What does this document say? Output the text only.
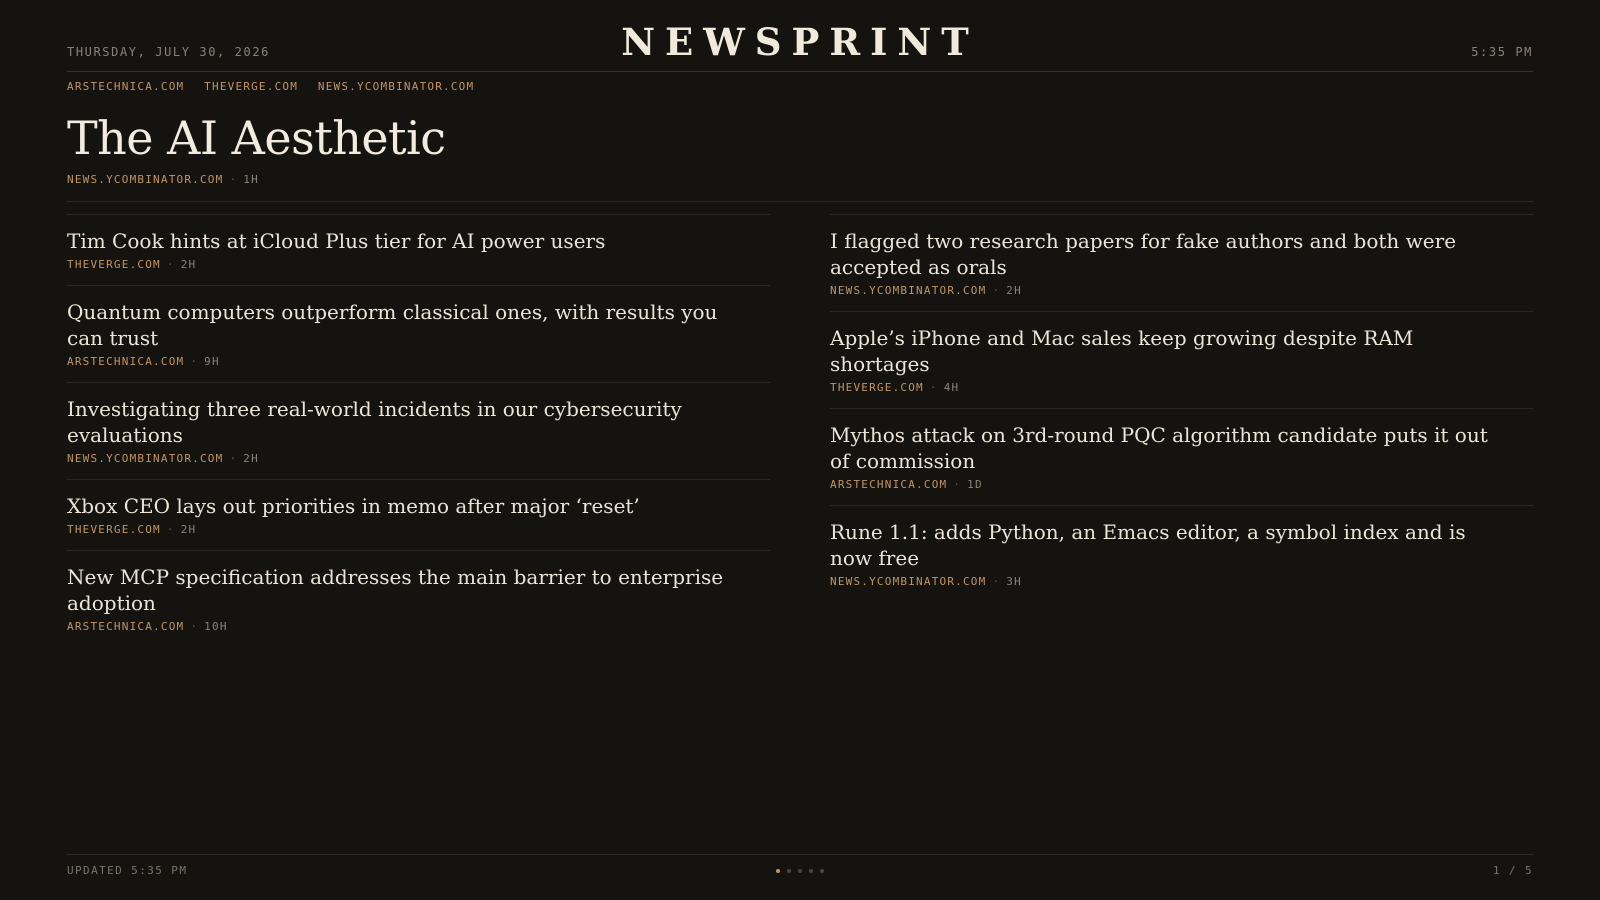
THURSDAY, JULY 30, 2026	NEWSPRINT	5:35 PM
ARSTECHNICA.COM THEVERGE.COM NEWS.YCOMBINATOR.COM
The AI Aesthetic
NEWS.YCOMBINATOR.COM · 1H
Tim Cook hints at iCloud Plus tier for AI power users
THEVERGE.COM · 2H
Quantum computers outperform classical ones, with results you can trust
ARSTECHNICA.COM · 9H
Investigating three real-world incidents in our cybersecurity evaluations
NEWS.YCOMBINATOR.COM · 2H
Xbox CEO lays out priorities in memo after major ‘reset’
THEVERGE.COM · 2H
New MCP specification addresses the main barrier to enterprise adoption
ARSTECHNICA.COM · 10H
I flagged two research papers for fake authors and both were accepted as orals
NEWS.YCOMBINATOR.COM · 2H
Apple’s iPhone and Mac sales keep growing despite RAM shortages
THEVERGE.COM · 4H
Mythos attack on 3rd-round PQC algorithm candidate puts it out of commission
ARSTECHNICA.COM · 1D
Rune 1.1: adds Python, an Emacs editor, a symbol index and is now free
NEWS.YCOMBINATOR.COM · 3H
UPDATED 5:35 PM	1 / 5
